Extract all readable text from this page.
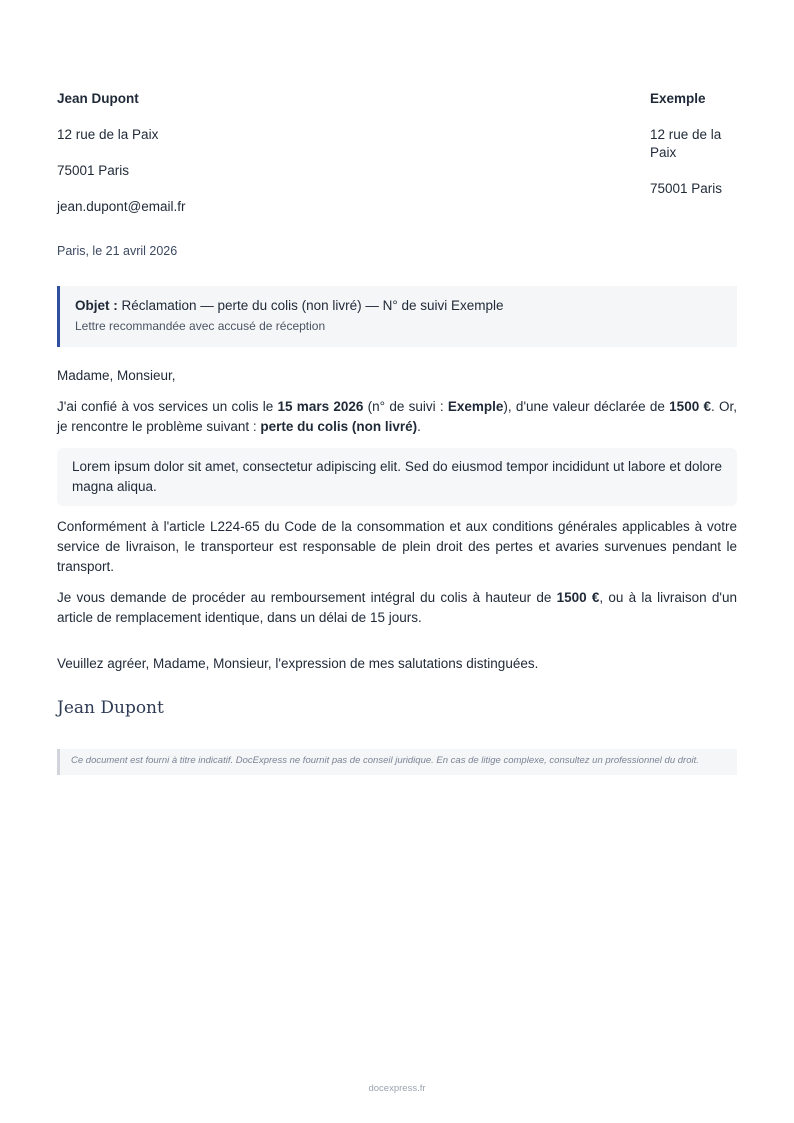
Jean Dupont
12 rue de la Paix
75001 Paris
jean.dupont@email.fr
Exemple
12 rue de la Paix
75001 Paris
Paris, le 21 avril 2026
Objet : Réclamation — perte du colis (non livré) — N° de suivi Exemple
Lettre recommandée avec accusé de réception

Madame, Monsieur,

J'ai confié à vos services un colis le 15 mars 2026 (n° de suivi : Exemple), d'une valeur déclarée de 1500 €. Or, je rencontre le problème suivant : perte du colis (non livré).

Lorem ipsum dolor sit amet, consectetur adipiscing elit. Sed do eiusmod tempor incididunt ut labore et dolore magna aliqua.

Conformément à l'article L224-65 du Code de la consommation et aux conditions générales applicables à votre service de livraison, le transporteur est responsable de plein droit des pertes et avaries survenues pendant le transport.

Je vous demande de procéder au remboursement intégral du colis à hauteur de 1500 €, ou à la livraison d'un article de remplacement identique, dans un délai de 15 jours.

Veuillez agréer, Madame, Monsieur, l'expression de mes salutations distinguées.

Jean Dupont
Ce document est fourni à titre indicatif. DocExpress ne fournit pas de conseil juridique. En cas de litige complexe, consultez un professionnel du droit.
docexpress.fr
